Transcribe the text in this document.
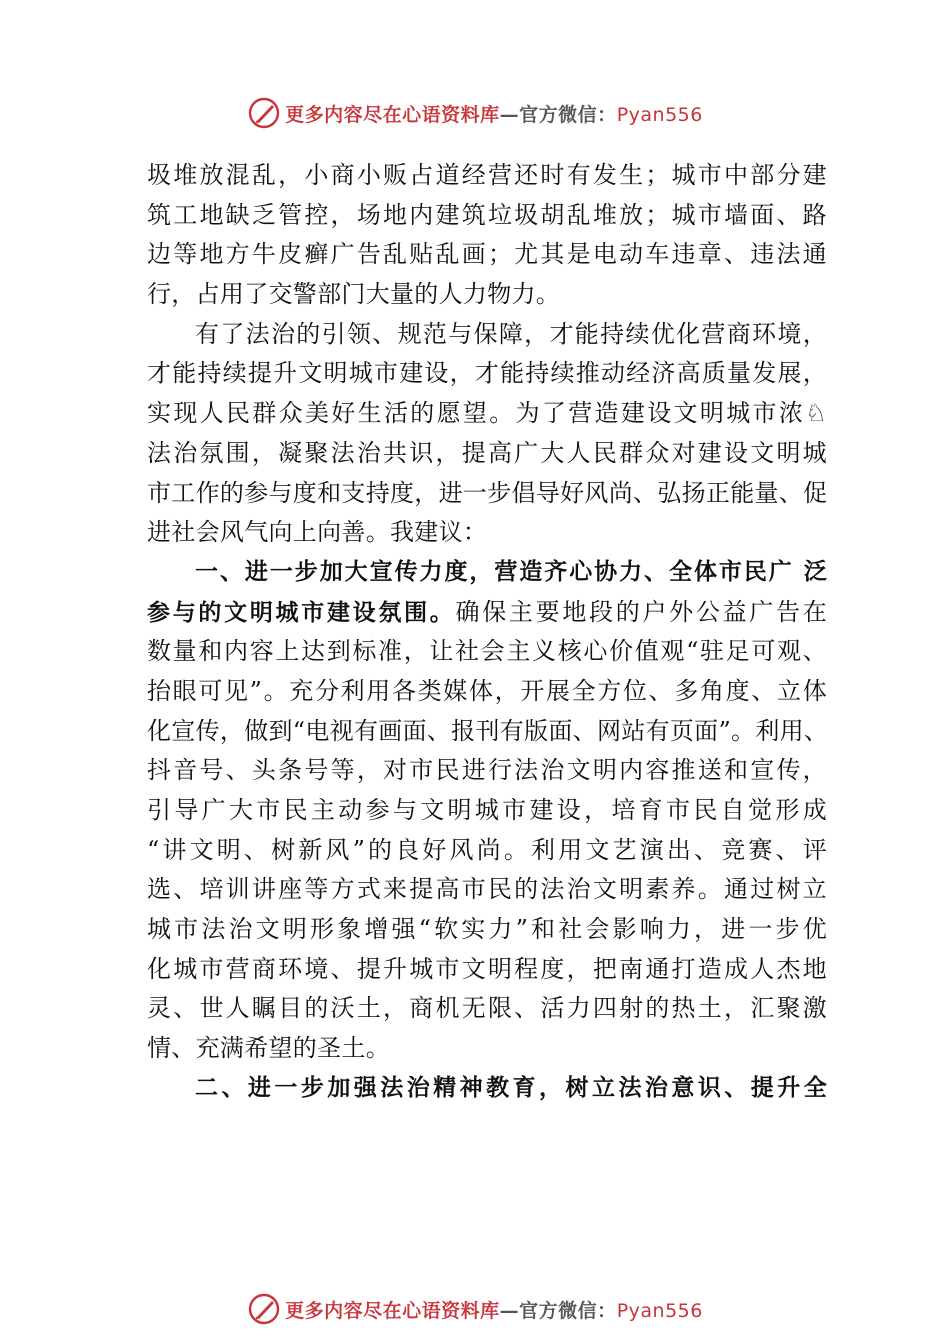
更多内容尽在心语资料库—官方微信：Pyan556
圾堆放混乱，小商小贩占道经营还时有发生；城市中部分建
筑工地缺乏管控，场地内建筑垃圾胡乱堆放；城市墙面、路
边等地方牛皮癣广告乱贴乱画；尤其是电动车违章、违法通
行，占用了交警部门大量的人力物力。
有了法治的引领、规范与保障，才能持续优化营商环境，
才能持续提升文明城市建设，才能持续推动经济高质量发展，
实现人民群众美好生活的愿望。为了营造建设文明城市浓♘
法治氛围，凝聚法治共识，提高广大人民群众对建设文明城
市工作的参与度和支持度，进一步倡导好风尚、弘扬正能量、促
进社会风气向上向善。我建议：
一、进一步加大宣传力度，营造齐心协力、全体市民广 泛
参与的文明城市建设氛围。确保主要地段的户外公益广告在
数量和内容上达到标准，让社会主义核心价值观“驻足可观、
抬眼可见”。充分利用各类媒体，开展全方位、多角度、立体
化宣传，做到“电视有画面、报刊有版面、网站有页面”。利用、
抖音号、头条号等，对市民进行法治文明内容推送和宣传，
引导广大市民主动参与文明城市建设，培育市民自觉形成
“讲文明、树新风”的良好风尚。利用文艺演出、竞赛、评
选、培训讲座等方式来提高市民的法治文明素养。通过树立
城市法治文明形象增强“软实力”和社会影响力，进一步优
化城市营商环境、提升城市文明程度，把南通打造成人杰地
灵、世人瞩目的沃土，商机无限、活力四射的热土，汇聚激
情、充满希望的圣土。
二、进一步加强法治精神教育，树立法治意识、提升全
更多内容尽在心语资料库—官方微信：Pyan556
